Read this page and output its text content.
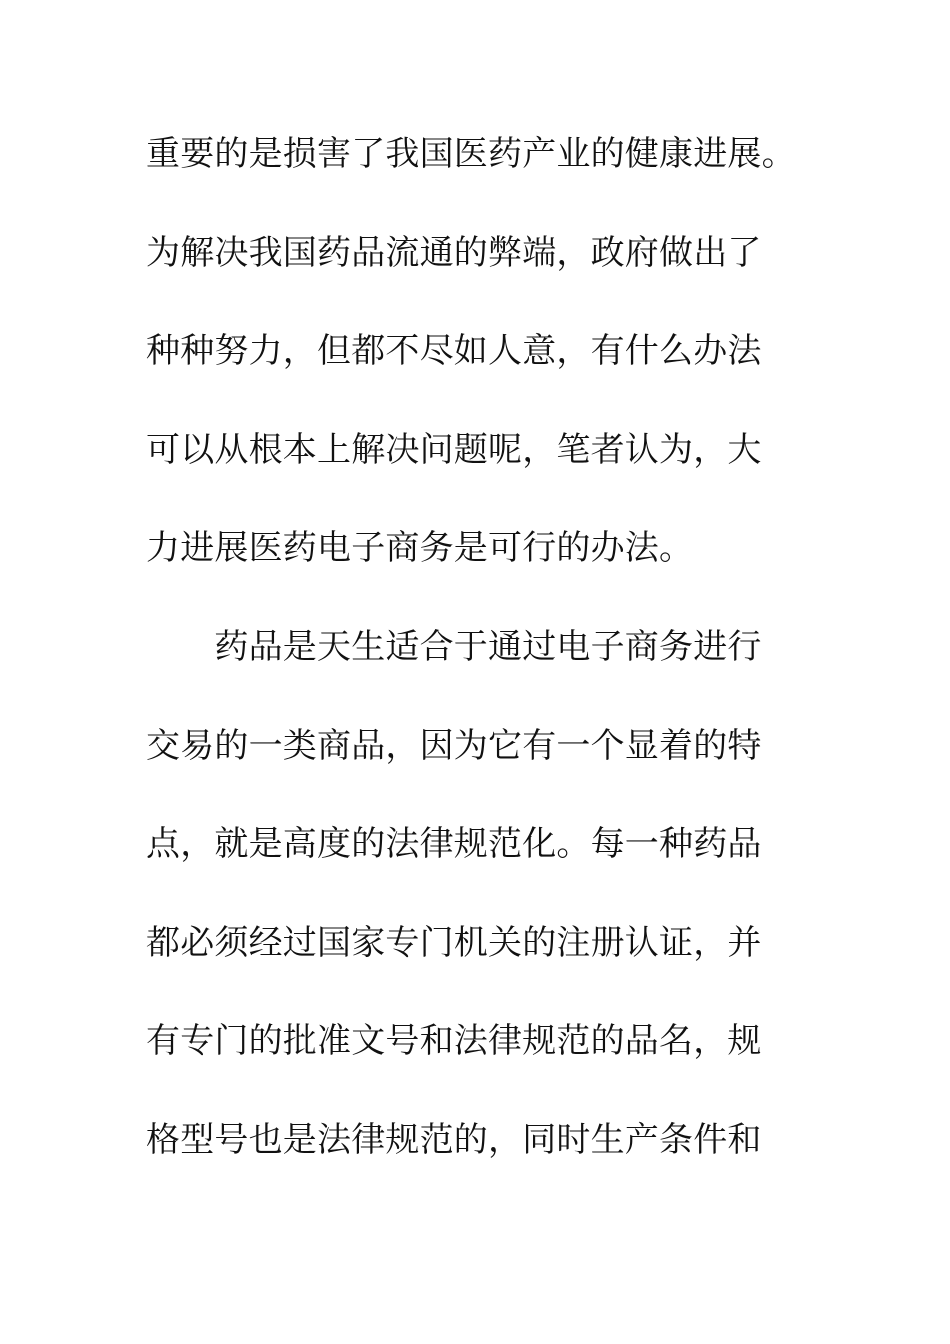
重要的是损害了我国医药产业的健康进展。
为解决我国药品流通的弊端，政府做出了
种种努力，但都不尽如人意，有什么办法
可以从根本上解决问题呢，笔者认为，大
力进展医药电子商务是可行的办法。
　　药品是天生适合于通过电子商务进行
交易的一类商品，因为它有一个显着的特
点，就是高度的法律规范化。每一种药品
都必须经过国家专门机关的注册认证，并
有专门的批准文号和法律规范的品名，规
格型号也是法律规范的，同时生产条件和
